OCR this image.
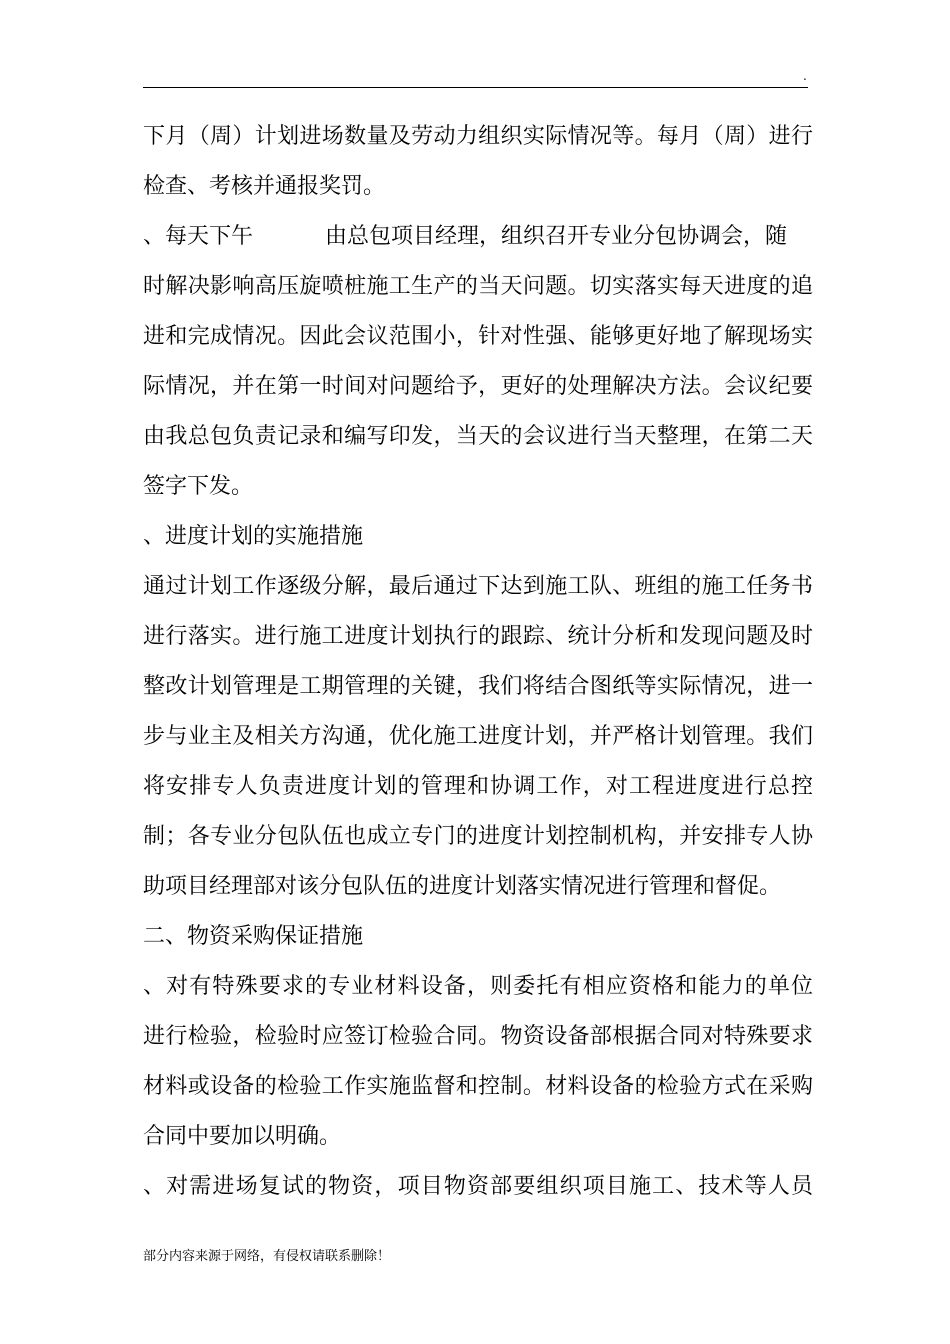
.
下月（周）计划进场数量及劳动力组织实际情况等。每月（周）进行
检查、考核并通报奖罚。
、每天下午	由总包项目经理，组织召开专业分包协调会，随
时解决影响高压旋喷桩施工生产的当天问题。切实落实每天进度的追
进和完成情况。因此会议范围小，针对性强、能够更好地了解现场实
际情况，并在第一时间对问题给予，更好的处理解决方法。会议纪要
由我总包负责记录和编写印发，当天的会议进行当天整理，在第二天
签字下发。
、进度计划的实施措施
通过计划工作逐级分解，最后通过下达到施工队、班组的施工任务书
进行落实。进行施工进度计划执行的跟踪、统计分析和发现问题及时
整改计划管理是工期管理的关键，我们将结合图纸等实际情况，进一
步与业主及相关方沟通，优化施工进度计划，并严格计划管理。我们
将安排专人负责进度计划的管理和协调工作，对工程进度进行总控
制；各专业分包队伍也成立专门的进度计划控制机构，并安排专人协
助项目经理部对该分包队伍的进度计划落实情况进行管理和督促。
二、物资采购保证措施
、对有特殊要求的专业材料设备，则委托有相应资格和能力的单位
进行检验，检验时应签订检验合同。物资设备部根据合同对特殊要求
材料或设备的检验工作实施监督和控制。材料设备的检验方式在采购
合同中要加以明确。
、对需进场复试的物资，项目物资部要组织项目施工、技术等人员
部分内容来源于网络，有侵权请联系删除！
